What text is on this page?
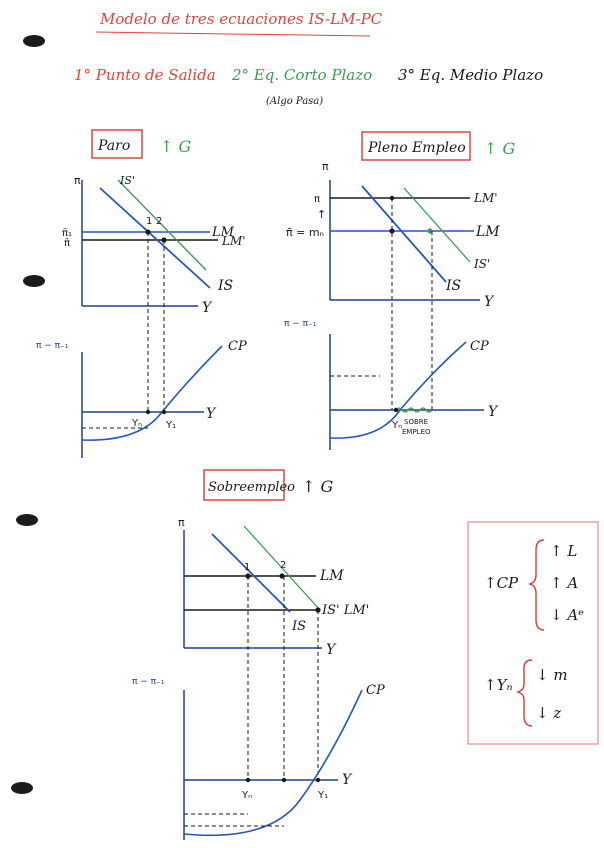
Modelo de tres ecuaciones IS-LM-PC
1° Punto de Salida 2° Eq. Corto Plazo
(Algo Pasa)
3° Eq. Medio Plazo
Paro ↑ G
π
Y
π̄₁
π̄
LM
LM'
IS'
IS
1 2
π − π₋₁
Y
CP
Yₙ Y₁
Pleno Empleo ↑ G
π
Y
π
↑
π̄ = mₙ
LM'
LM
IS'
IS
π − π₋₁
Y
CP
Yₙ SOBRE
EMPLEO
Sobreempleo ↑ G
π
Y
LM
IS' LM'
IS
1	2
π − π₋₁
Y
CP
Yₙ	Y₁
↑CP
↑ L
↑ A
↓ Aᵉ
↑Yₙ
↓ m
↓ z
